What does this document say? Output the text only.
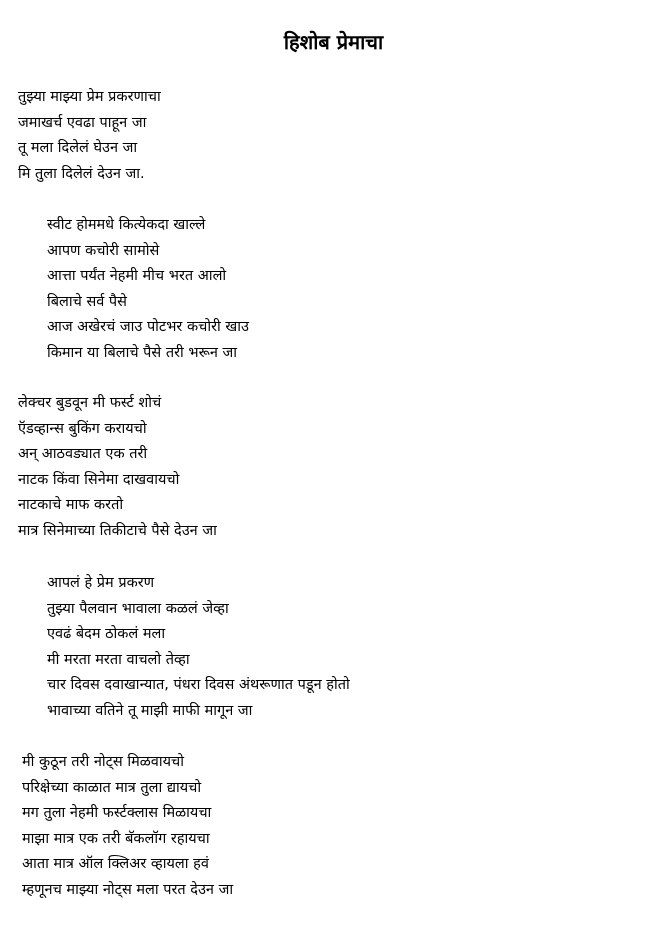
हिशोब प्रेमाचा
तुझ्या माझ्या प्रेम प्रकरणाचा
जमाखर्च एवढा पाहून जा
तू मला दिलेलं घेउन जा
मि तुला दिलेलं देउन जा.
स्वीट होममधे कित्येकदा खाल्ले
आपण कचोरी सामोसे
आत्ता पर्यंत नेहमी मीच भरत आलो
बिलाचे सर्व पैसे
आज अखेरचं जाउ पोटभर कचोरी खाउ
किमान या बिलाचे पैसे तरी भरून जा
लेक्चर बुडवून मी फर्स्ट शोचं
ऍडव्हान्स बुकिंग करायचो
अन् आठवड्यात एक तरी
नाटक किंवा सिनेमा दाखवायचो
नाटकाचे माफ करतो
मात्र सिनेमाच्या तिकीटाचे पैसे देउन जा
आपलं हे प्रेम प्रकरण
तुझ्या पैलवान भावाला कळलं जेव्हा
एवढं बेदम ठोकलं मला
मी मरता मरता वाचलो तेव्हा
चार दिवस दवाखान्यात, पंधरा दिवस अंथरूणात पडून होतो
भावाच्या वतिने तू माझी माफी मागून जा
मी कुठून तरी नोट्स मिळवायचो
परिक्षेच्या काळात मात्र तुला द्यायचो
मग तुला नेहमी फर्स्टक्लास मिळायचा
माझा मात्र एक तरी बॅकलॉग रहायचा
आता मात्र ऑल क्लिअर व्हायला हवं
म्हणूनच माझ्या नोट्स मला परत देउन जा
